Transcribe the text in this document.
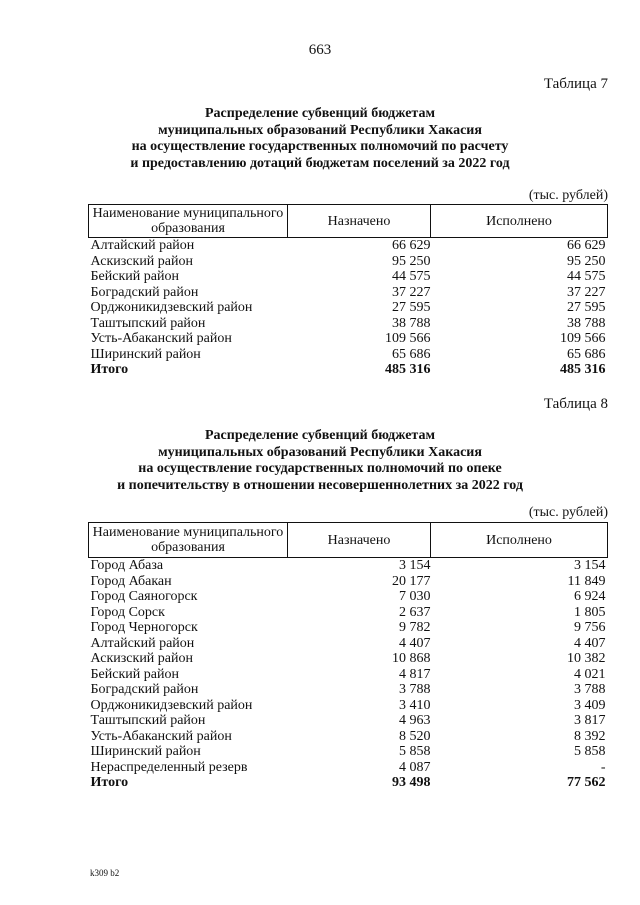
663
Таблица 7
Распределение субвенций бюджетам
муниципальных образований Республики Хакасия
на осуществление государственных полномочий по расчету
и предоставлению дотаций бюджетам поселений за 2022 год
(тыс. рублей)
Наименование муниципального образования	Назначено	Исполнено
Алтайский район	66 629	66 629
Аскизский район	95 250	95 250
Бейский район	44 575	44 575
Боградский район	37 227	37 227
Орджоникидзевский район	27 595	27 595
Таштыпский район	38 788	38 788
Усть-Абаканский район	109 566	109 566
Ширинский район	65 686	65 686
Итого	485 316	485 316
Таблица 8
Распределение субвенций бюджетам
муниципальных образований Республики Хакасия
на осуществление государственных полномочий по опеке
и попечительству в отношении несовершеннолетних за 2022 год
(тыс. рублей)
Наименование муниципального образования	Назначено	Исполнено
Город Абаза	3 154	3 154
Город Абакан	20 177	11 849
Город Саяногорск	7 030	6 924
Город Сорск	2 637	1 805
Город Черногорск	9 782	9 756
Алтайский район	4 407	4 407
Аскизский район	10 868	10 382
Бейский район	4 817	4 021
Боградский район	3 788	3 788
Орджоникидзевский район	3 410	3 409
Таштыпский район	4 963	3 817
Усть-Абаканский район	8 520	8 392
Ширинский район	5 858	5 858
Нераспределенный резерв	4 087	-
Итого	93 498	77 562
k309 b2
